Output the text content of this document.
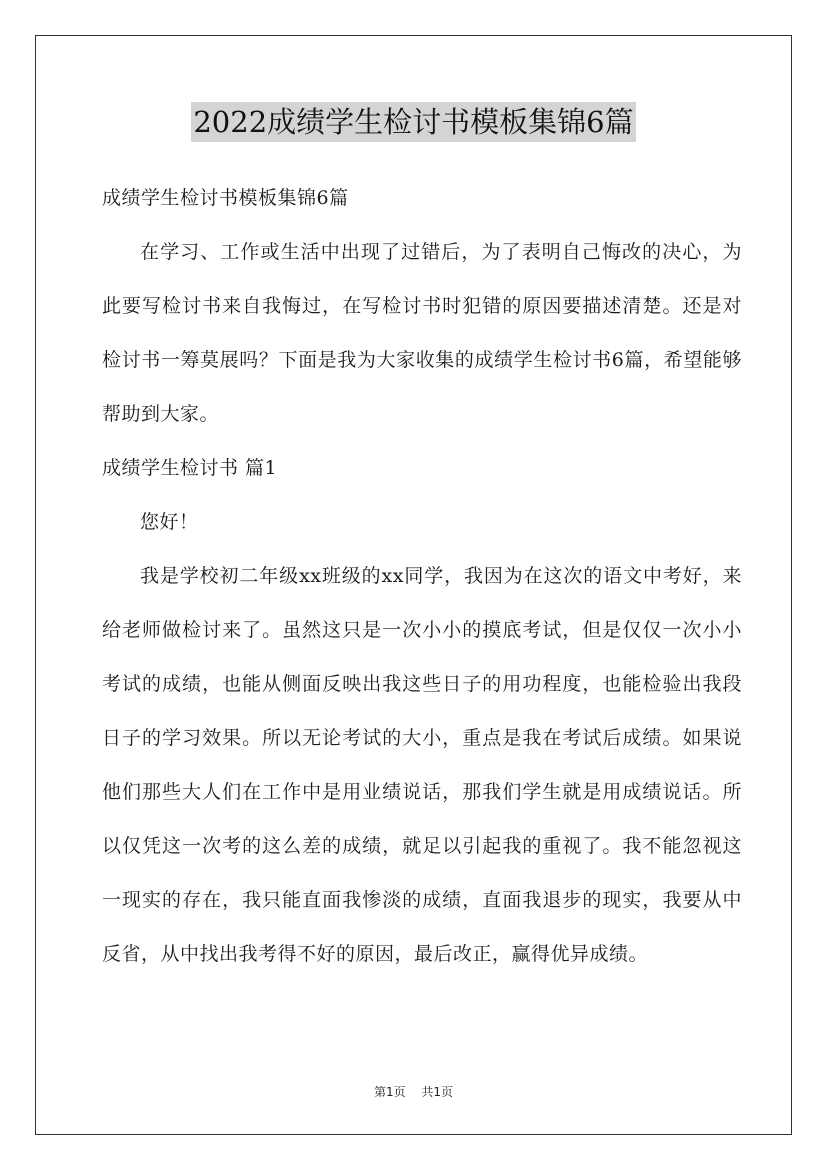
2022成绩学生检讨书模板集锦6篇
成绩学生检讨书模板集锦6篇
在学习、工作或生活中出现了过错后，为了表明自己悔改的决心，为此要写检讨书来自我悔过，在写检讨书时犯错的原因要描述清楚。还是对检讨书一筹莫展吗？下面是我为大家收集的成绩学生检讨书6篇，希望能够帮助到大家。
成绩学生检讨书 篇1
您好！
我是学校初二年级xx班级的xx同学，我因为在这次的语文中考好，来给老师做检讨来了。虽然这只是一次小小的摸底考试，但是仅仅一次小小考试的成绩，也能从侧面反映出我这些日子的用功程度，也能检验出我段日子的学习效果。所以无论考试的大小，重点是我在考试后成绩。如果说他们那些大人们在工作中是用业绩说话，那我们学生就是用成绩说话。所以仅凭这一次考的这么差的成绩，就足以引起我的重视了。我不能忽视这一现实的存在，我只能直面我惨淡的成绩，直面我退步的现实，我要从中反省，从中找出我考得不好的原因，最后改正，赢得优异成绩。
第1页 共1页
